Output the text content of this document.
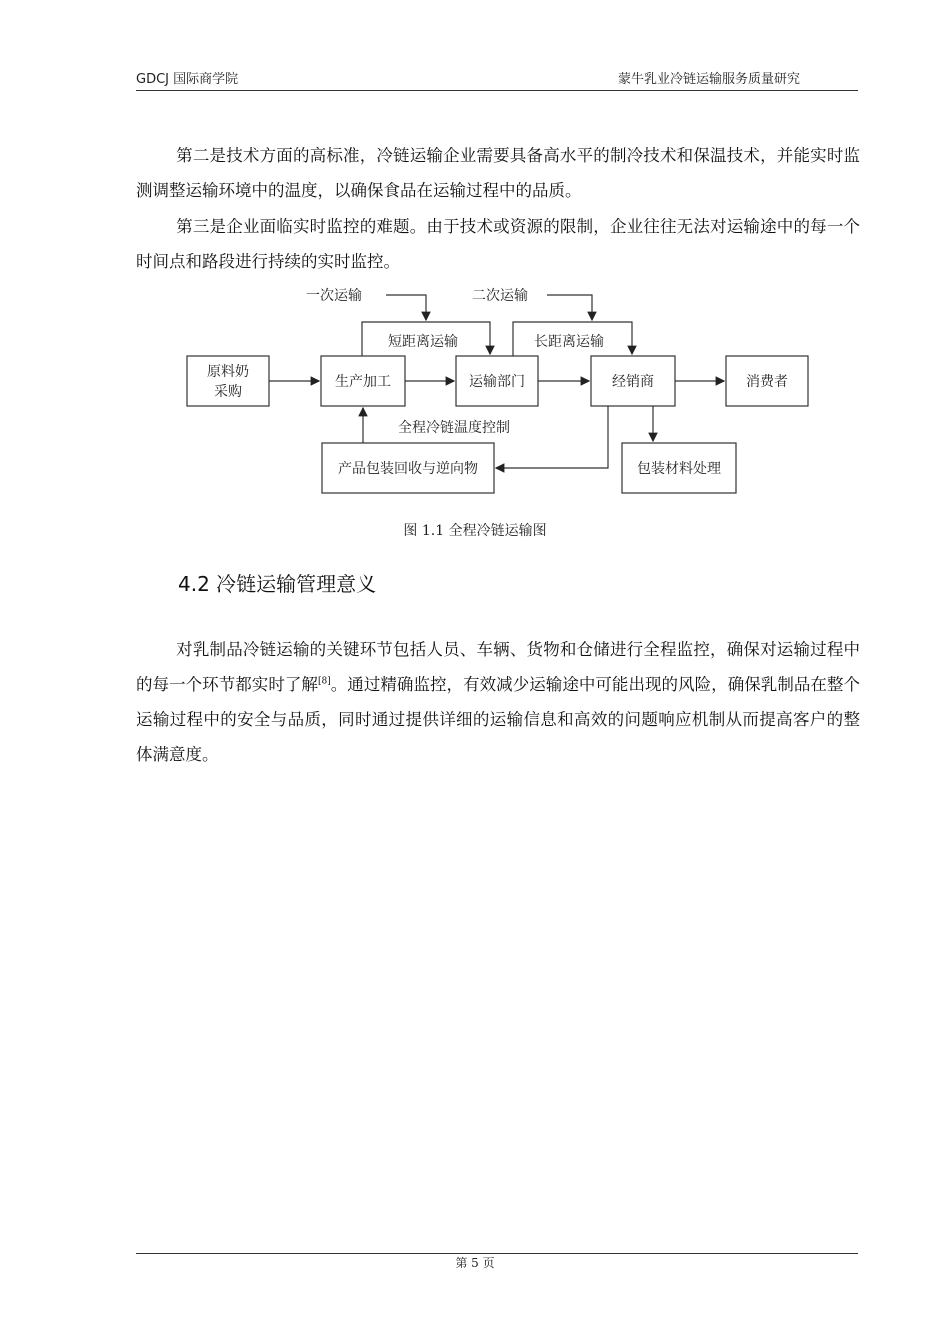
GDCJ 国际商学院	蒙牛乳业冷链运输服务质量研究
第二是技术方面的高标准，冷链运输企业需要具备高水平的制冷技术和保温技术，并能实时监测调整运输环境中的温度，以确保食品在运输过程中的品质。
第三是企业面临实时监控的难题。由于技术或资源的限制，企业往往无法对运输途中的每一个时间点和路段进行持续的实时监控。
一次运输	二次运输
短距离运输	长距离运输
全程冷链温度控制
原料奶
采购
生产加工	运输部门	经销商	消费者
产品包装回收与逆向物	包装材料处理
图 1.1 全程冷链运输图
4.2 冷链运输管理意义
对乳制品冷链运输的关键环节包括人员、车辆、货物和仓储进行全程监控，确保对运输过程中的每一个环节都实时了解[8]。通过精确监控，有效减少运输途中可能出现的风险，确保乳制品在整个运输过程中的安全与品质，同时通过提供详细的运输信息和高效的问题响应机制从而提高客户的整体满意度。
第 5 页
